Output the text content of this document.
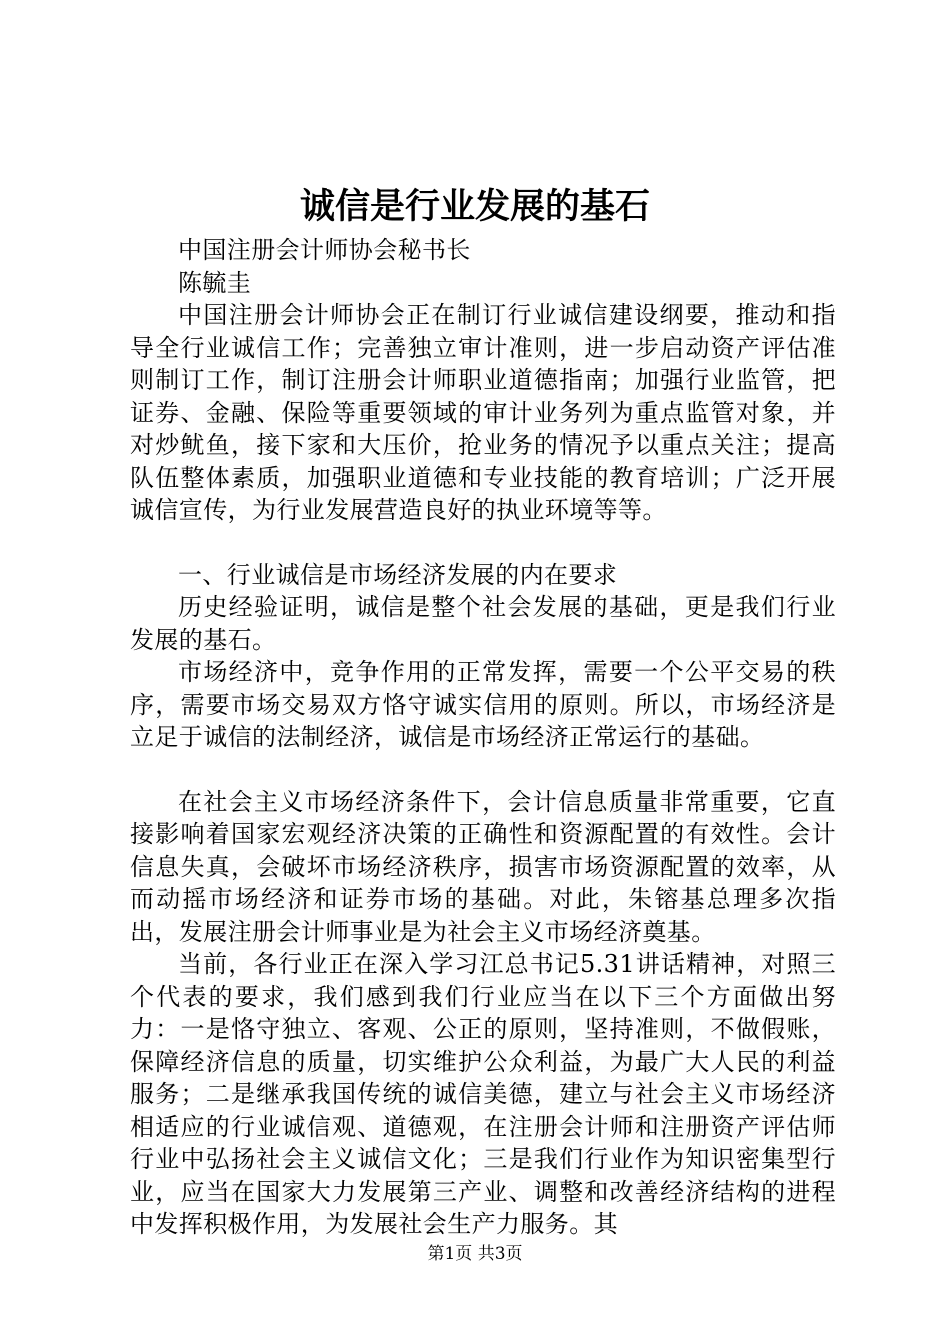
诚信是行业发展的基石

中国注册会计师协会秘书长

陈毓圭

中国注册会计师协会正在制订行业诚信建设纲要，推动和指导全行业诚信工作；完善独立审计准则，进一步启动资产评估准则制订工作，制订注册会计师职业道德指南；加强行业监管，把证券、金融、保险等重要领域的审计业务列为重点监管对象，并对炒鱿鱼，接下家和大压价，抢业务的情况予以重点关注；提高队伍整体素质，加强职业道德和专业技能的教育培训；广泛开展诚信宣传，为行业发展营造良好的执业环境等等。

一、行业诚信是市场经济发展的内在要求

历史经验证明，诚信是整个社会发展的基础，更是我们行业发展的基石。

市场经济中，竞争作用的正常发挥，需要一个公平交易的秩序，需要市场交易双方恪守诚实信用的原则。所以，市场经济是立足于诚信的法制经济，诚信是市场经济正常运行的基础。

在社会主义市场经济条件下，会计信息质量非常重要，它直接影响着国家宏观经济决策的正确性和资源配置的有效性。会计信息失真，会破坏市场经济秩序，损害市场资源配置的效率，从而动摇市场经济和证券市场的基础。对此，朱镕基总理多次指出，发展注册会计师事业是为社会主义市场经济奠基。

当前，各行业正在深入学习江总书记5.31讲话精神，对照三个代表的要求，我们感到我们行业应当在以下三个方面做出努力：一是恪守独立、客观、公正的原则，坚持准则，不做假账，保障经济信息的质量，切实维护公众利益，为最广大人民的利益服务；二是继承我国传统的诚信美德，建立与社会主义市场经济相适应的行业诚信观、道德观，在注册会计师和注册资产评估师行业中弘扬社会主义诚信文化；三是我们行业作为知识密集型行业，应当在国家大力发展第三产业、调整和改善经济结构的进程中发挥积极作用，为发展社会生产力服务。其

第1页 共3页
